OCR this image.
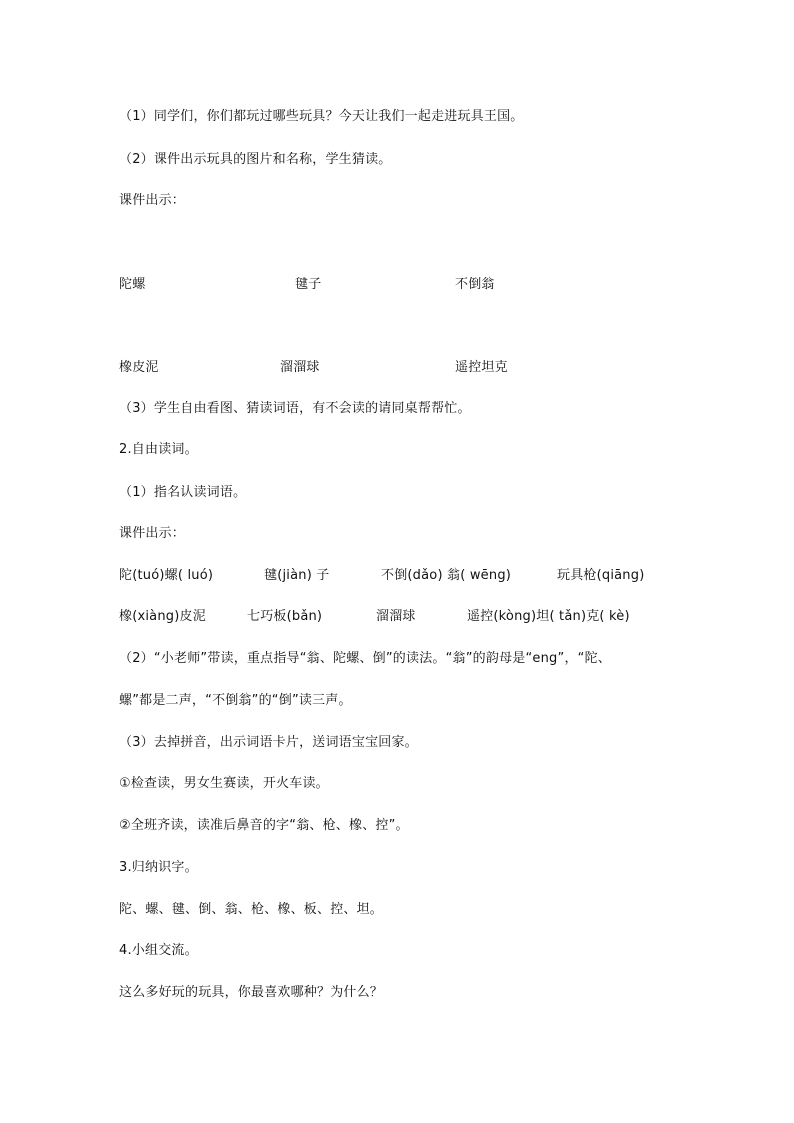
（1）同学们，你们都玩过哪些玩具？今天让我们一起走进玩具王国。
（2）课件出示玩具的图片和名称，学生猜读。
课件出示：
陀螺	毽子	不倒翁
橡皮泥	溜溜球	遥控坦克
（3）学生自由看图、猜读词语，有不会读的请同桌帮帮忙。
2.自由读词。
（1）指名认读词语。
课件出示：
陀(tuó)螺( luó)	毽(jiàn) 子	不倒(dǎo) 翁( wēng)	玩具枪(qiāng)
橡(xiàng)皮泥	七巧板(bǎn)	溜溜球	遥控(kòng)坦( tǎn)克( kè)
（2）“小老师”带读，重点指导“翁、陀螺、倒”的读法。“翁”的韵母是“eng”，“陀、
螺”都是二声，“不倒翁”的“倒”读三声。
（3）去掉拼音，出示词语卡片，送词语宝宝回家。
①检查读，男女生赛读，开火车读。
②全班齐读，读准后鼻音的字“翁、枪、橡、控”。
3.归纳识字。
陀、螺、毽、倒、翁、枪、橡、板、控、坦。
4.小组交流。
这么多好玩的玩具，你最喜欢哪种？为什么？
